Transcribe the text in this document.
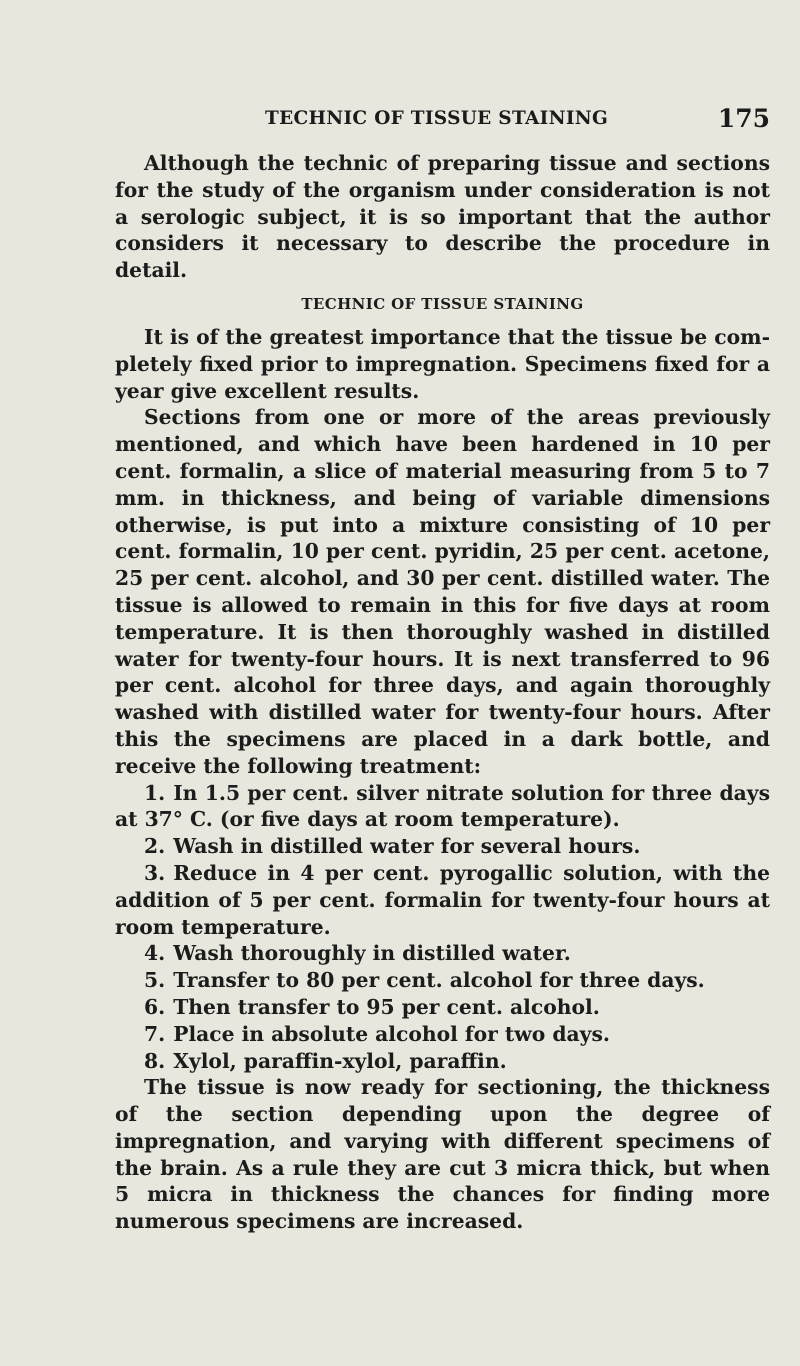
TECHNIC OF TISSUE STAINING	175

Although the technic of preparing tissue and sections for the study of the organism under consideration is not a serologic subject, it is so important that the author considers it necessary to describe the procedure in detail.

TECHNIC OF TISSUE STAINING

It is of the greatest importance that the tissue be completely fixed prior to impregnation. Specimens fixed for a year give excellent results.

Sections from one or more of the areas previously mentioned, and which have been hardened in 10 per cent. formalin, a slice of material measuring from 5 to 7 mm. in thickness, and being of variable dimensions otherwise, is put into a mixture consisting of 10 per cent. formalin, 10 per cent. pyridin, 25 per cent. acetone, 25 per cent. alcohol, and 30 per cent. distilled water. The tissue is allowed to remain in this for five days at room temperature. It is then thoroughly washed in distilled water for twenty-four hours. It is next transferred to 96 per cent. alcohol for three days, and again thoroughly washed with distilled water for twenty-four hours. After this the specimens are placed in a dark bottle, and receive the following treatment:

1. In 1.5 per cent. silver nitrate solution for three days at 37° C. (or five days at room temperature).
2. Wash in distilled water for several hours.
3. Reduce in 4 per cent. pyrogallic solution, with the addition of 5 per cent. formalin for twenty-four hours at room temperature.
4. Wash thoroughly in distilled water.
5. Transfer to 80 per cent. alcohol for three days.
6. Then transfer to 95 per cent. alcohol.
7. Place in absolute alcohol for two days.
8. Xylol, paraffin-xylol, paraffin.

The tissue is now ready for sectioning, the thickness of the section depending upon the degree of impregnation, and varying with different specimens of the brain. As a rule they are cut 3 micra thick, but when 5 micra in thickness the chances for finding more numerous specimens are increased.
